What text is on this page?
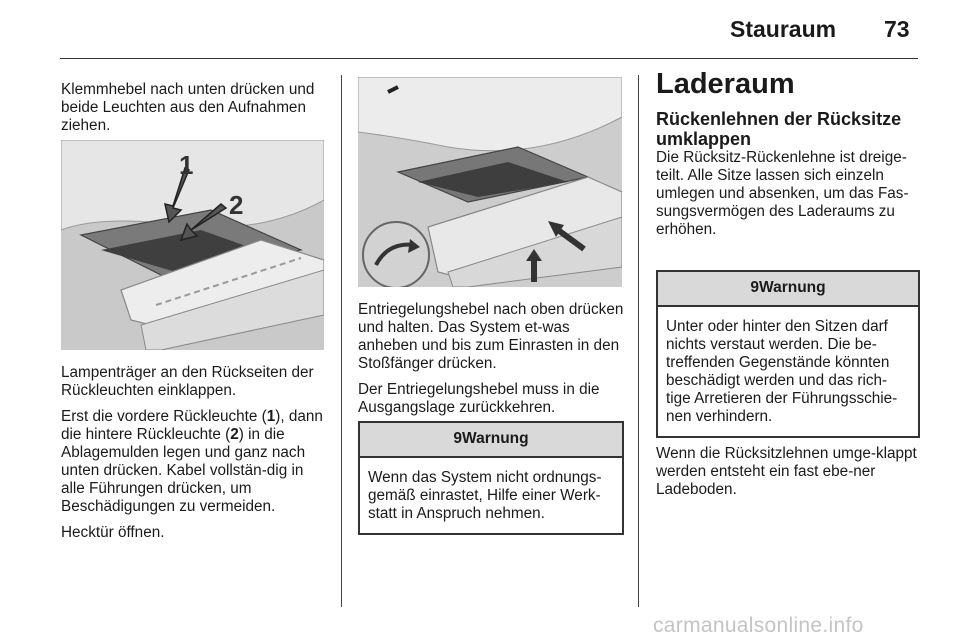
Stauraum 73

Klemmhebel nach unten drücken und beide Leuchten aus den Aufnahmen ziehen.

1
2

Lampenträger an den Rückseiten der Rückleuchten einklappen.

Erst die vordere Rückleuchte (1), dann die hintere Rückleuchte (2) in die Ablagemulden legen und ganz nach unten drücken. Kabel vollstän-dig in alle Führungen drücken, um Beschädigungen zu vermeiden.

Hecktür öffnen.

Entriegelungshebel nach oben drücken und halten. Das System et-was anheben und bis zum Einrasten in den Stoßfänger drücken.

Der Entriegelungshebel muss in die Ausgangslage zurückkehren.

9Warnung
Wenn das System nicht ordnungs-gemäß einrastet, Hilfe einer Werk-statt in Anspruch nehmen.
Laderaum
Rückenlehnen der Rücksitze umklappen

Die Rücksitz-Rückenlehne ist dreige-teilt. Alle Sitze lassen sich einzeln umlegen und absenken, um das Fas-sungsvermögen des Laderaums zu erhöhen.

9Warnung
Unter oder hinter den Sitzen darf nichts verstaut werden. Die be-treffenden Gegenstände könnten beschädigt werden und das rich-tige Arretieren der Führungsschie-nen verhindern.

Wenn die Rücksitzlehnen umge-klappt werden entsteht ein fast ebe-ner Ladeboden.

carmanualsonline.info
